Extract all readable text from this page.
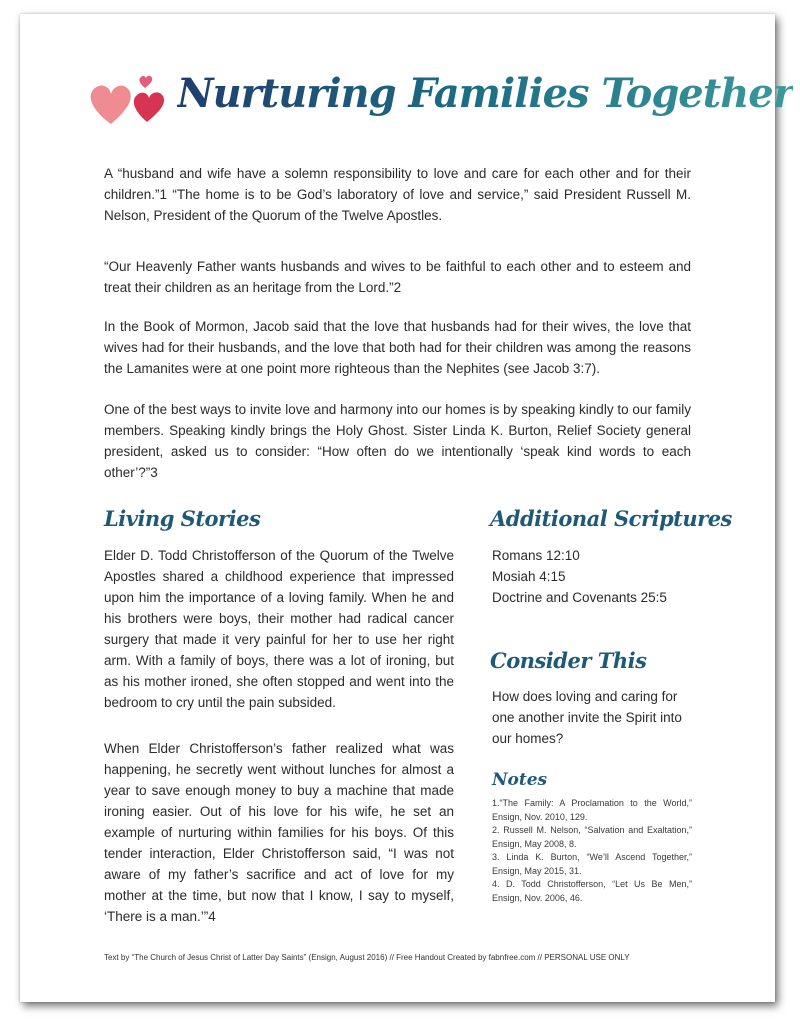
Nurturing Families Together

A “husband and wife have a solemn responsibility to love and care for each other and for their children.”1 “The home is to be God’s laboratory of love and service,” said President Russell M. Nelson, President of the Quorum of the Twelve Apostles.

“Our Heavenly Father wants husbands and wives to be faithful to each other and to esteem and treat their children as an heritage from the Lord.”2

In the Book of Mormon, Jacob said that the love that husbands had for their wives, the love that wives had for their husbands, and the love that both had for their children was among the reasons the Lamanites were at one point more righteous than the Nephites (see Jacob 3:7).

One of the best ways to invite love and harmony into our homes is by speaking kindly to our family members. Speaking kindly brings the Holy Ghost. Sister Linda K. Burton, Relief Society general president, asked us to consider: “How often do we intentionally ‘speak kind words to each other’?”3

Living Stories

Elder D. Todd Christofferson of the Quorum of the Twelve Apostles shared a childhood experience that impressed upon him the importance of a loving family. When he and his brothers were boys, their mother had radical cancer surgery that made it very painful for her to use her right arm. With a family of boys, there was a lot of ironing, but as his mother ironed, she often stopped and went into the bedroom to cry until the pain subsided.

When Elder Christofferson’s father realized what was happening, he secretly went without lunches for almost a year to save enough money to buy a machine that made ironing easier. Out of his love for his wife, he set an example of nurturing within families for his boys. Of this tender interaction, Elder Christofferson said, “I was not aware of my father’s sacrifice and act of love for my mother at the time, but now that I know, I say to myself, ‘There is a man.’”4

Additional Scriptures
Romans 12:10
Mosiah 4:15
Doctrine and Covenants 25:5
Consider This

How does loving and caring for one another invite the Spirit into our homes?

Notes

1.“The Family: A Proclamation to the World,” Ensign, Nov. 2010, 129.

2. Russell M. Nelson, “Salvation and Exaltation,” Ensign, May 2008, 8.

3. Linda K. Burton, “We’ll Ascend Together,” Ensign, May 2015, 31.

4. D. Todd Christofferson, “Let Us Be Men,” Ensign, Nov. 2006, 46.

Text by “The Church of Jesus Christ of Latter Day Saints” (Ensign, August 2016) // Free Handout Created by fabnfree.com // PERSONAL USE ONLY
